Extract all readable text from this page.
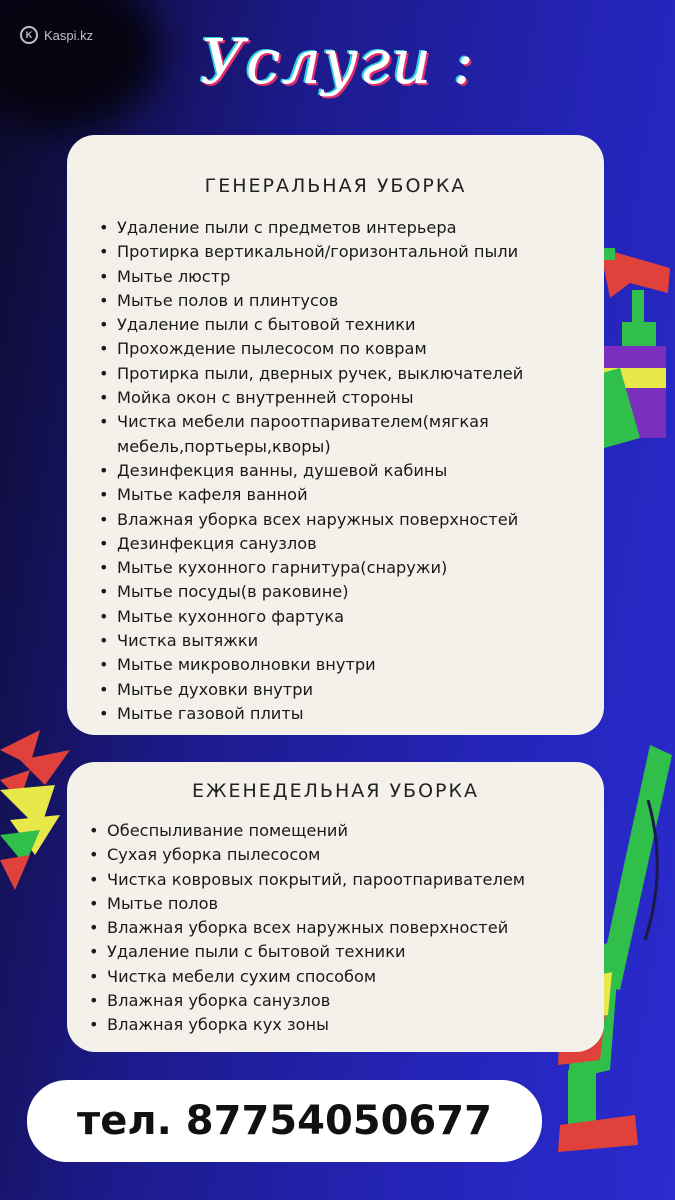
K Kaspi.kz	Услуги :
ГЕНЕРАЛЬНАЯ УБОРКА
• Удаление пыли с предметов интерьера
• Протирка вертикальной/горизонтальной пыли
• Мытье люстр
• Мытье полов и плинтусов
• Удаление пыли с бытовой техники
• Прохождение пылесосом по коврам
• Протирка пыли, дверных ручек, выключателей
• Мойка окон с внутренней стороны
• Чистка мебели пароотпаривателем(мягкая мебель,портьеры,кворы)
• Дезинфекция ванны, душевой кабины
• Мытье кафеля ванной
• Влажная уборка всех наружных поверхностей
• Дезинфекция санузлов
• Мытье кухонного гарнитура(снаружи)
• Мытье посуды(в раковине)
• Мытье кухонного фартука
• Чистка вытяжки
• Мытье микроволновки внутри
• Мытье духовки внутри
• Мытье газовой плиты
ЕЖЕНЕДЕЛЬНАЯ УБОРКА
• Обеспыливание помещений
• Сухая уборка пылесосом
• Чистка ковровых покрытий, пароотпаривателем
• Мытье полов
• Влажная уборка всех наружных поверхностей
• Удаление пыли с бытовой техники
• Чистка мебели сухим способом
• Влажная уборка санузлов
• Влажная уборка кух зоны
тел. 87754050677
